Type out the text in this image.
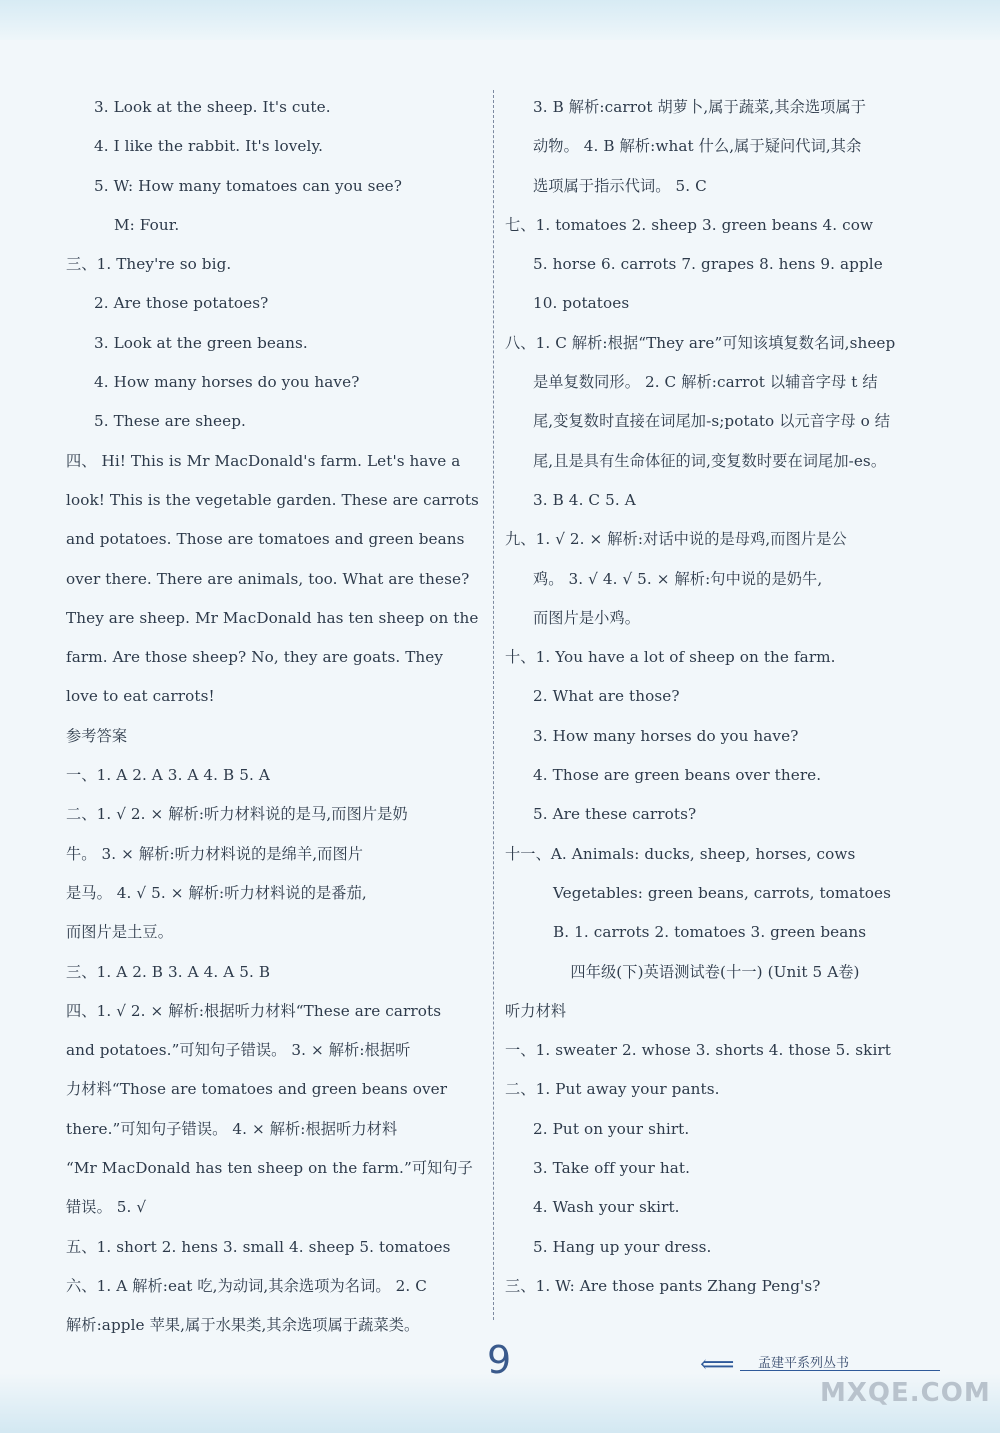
3. Look at the sheep. It's cute.
4. I like the rabbit. It's lovely.
5. W: How many tomatoes can you see?
M: Four.
三、1. They're so big.
2. Are those potatoes?
3. Look at the green beans.
4. How many horses do you have?
5. These are sheep.
四、 Hi! This is Mr MacDonald's farm. Let's have a
look! This is the vegetable garden. These are carrots
and potatoes. Those are tomatoes and green beans
over there. There are animals, too. What are these?
They are sheep. Mr MacDonald has ten sheep on the
farm. Are those sheep? No, they are goats. They
love to eat carrots!
参考答案
一、1. A 2. A 3. A 4. B 5. A
二、1. √ 2. × 解析:听力材料说的是马,而图片是奶
牛。 3. × 解析:听力材料说的是绵羊,而图片
是马。 4. √ 5. × 解析:听力材料说的是番茄,
而图片是土豆。
三、1. A 2. B 3. A 4. A 5. B
四、1. √ 2. × 解析:根据听力材料“These are carrots
and potatoes.”可知句子错误。 3. × 解析:根据听
力材料“Those are tomatoes and green beans over
there.”可知句子错误。 4. × 解析:根据听力材料
“Mr MacDonald has ten sheep on the farm.”可知句子
错误。 5. √
五、1. short 2. hens 3. small 4. sheep 5. tomatoes
六、1. A 解析:eat 吃,为动词,其余选项为名词。 2. C
解析:apple 苹果,属于水果类,其余选项属于蔬菜类。
3. B 解析:carrot 胡萝卜,属于蔬菜,其余选项属于
动物。 4. B 解析:what 什么,属于疑问代词,其余
选项属于指示代词。 5. C
七、1. tomatoes 2. sheep 3. green beans 4. cow
5. horse 6. carrots 7. grapes 8. hens 9. apple
10. potatoes
八、1. C 解析:根据“They are”可知该填复数名词,sheep
是单复数同形。 2. C 解析:carrot 以辅音字母 t 结
尾,变复数时直接在词尾加-s;potato 以元音字母 o 结
尾,且是具有生命体征的词,变复数时要在词尾加-es。
3. B 4. C 5. A
九、1. √ 2. × 解析:对话中说的是母鸡,而图片是公
鸡。 3. √ 4. √ 5. × 解析:句中说的是奶牛,
而图片是小鸡。
十、1. You have a lot of sheep on the farm.
2. What are those?
3. How many horses do you have?
4. Those are green beans over there.
5. Are these carrots?
十一、A. Animals: ducks, sheep, horses, cows
Vegetables: green beans, carrots, tomatoes
B. 1. carrots 2. tomatoes 3. green beans
四年级(下)英语测试卷(十一) (Unit 5 A卷)
听力材料
一、1. sweater 2. whose 3. shorts 4. those 5. skirt
二、1. Put away your pants.
2. Put on your shirt.
3. Take off your hat.
4. Wash your skirt.
5. Hang up your dress.
三、1. W: Are those pants Zhang Peng's?
9	⟸ 孟建平系列丛书
MXQE.COM
